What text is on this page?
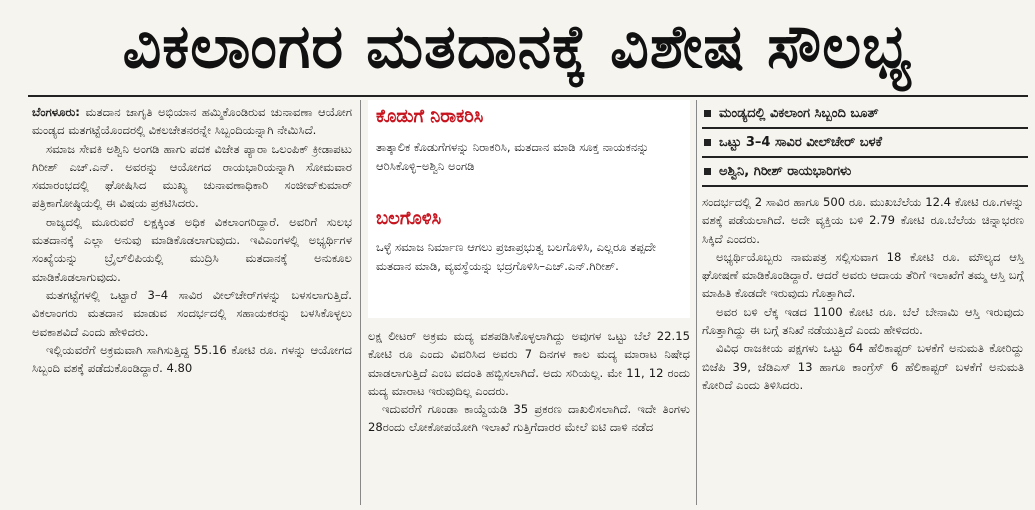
ವಿಕಲಾಂಗರ ಮತದಾನಕ್ಕೆ ವಿಶೇಷ ಸೌಲಭ್ಯ

ಬೆಂಗಳೂರು: ಮತದಾನ ಜಾಗೃತಿ ಅಭಿಯಾನ ಹಮ್ಮಿಕೊಂಡಿರುವ ಚುನಾವಣಾ ಆಯೋಗ ಮಂಡ್ಯದ ಮತಗಟ್ಟೆಯೊಂದರಲ್ಲಿ ವಿಕಲಚೇತನರನ್ನೇ ಸಿಬ್ಬಂದಿಯನ್ನಾಗಿ ನೇಮಿಸಿದೆ.

ಸಮಾಜ ಸೇವಕಿ ಅಶ್ವಿನಿ ಅಂಗಡಿ ಹಾಗು ಪದಕ ವಿಜೇತ ಪ್ಯಾರಾ ಒಲಂಪಿಕ್ ಕ್ರೀಡಾಪಟು ಗಿರೀಶ್ ಎಚ್.ಎನ್. ಅವರನ್ನು ಆಯೋಗದ ರಾಯಭಾರಿಯನ್ನಾಗಿ ಸೋಮವಾರ ಸಮಾರಂಭದಲ್ಲಿ ಘೋಷಿಸಿದ ಮುಖ್ಯ ಚುನಾವಣಾಧಿಕಾರಿ ಸಂಜೀವ್‌ಕುಮಾರ್ ಪತ್ರಿಕಾಗೋಷ್ಠಿಯಲ್ಲಿ ಈ ವಿಷಯ ಪ್ರಕಟಿಸಿದರು.

ರಾಜ್ಯದಲ್ಲಿ ಮೂರುವರೆ ಲಕ್ಷಕ್ಕಿಂತ ಅಧಿಕ ವಿಕಲಾಂಗರಿದ್ದಾರೆ. ಅವರಿಗೆ ಸುಲಭ ಮತದಾನಕ್ಕೆ ಎಲ್ಲಾ ಅನುವು ಮಾಡಿಕೊಡಲಾಗುವುದು. ಇವಿಎಂಗಳಲ್ಲಿ ಅಭ್ಯರ್ಥಿಗಳ ಸಂಖ್ಯೆಯನ್ನು ಬ್ರೈಲ್‌ಲಿಪಿಯಲ್ಲಿ ಮುದ್ರಿಸಿ ಮತದಾನಕ್ಕೆ ಅನುಕೂಲ ಮಾಡಿಕೊಡಲಾಗುವುದು.

ಮತಗಟ್ಟೆಗಳಲ್ಲಿ ಒಟ್ಟಾರೆ 3–4 ಸಾವಿರ ವೀಲ್‌ಚೇರ್‌ಗಳನ್ನು ಬಳಸಲಾಗುತ್ತಿದೆ. ವಿಕಲಾಂಗರು ಮತದಾನ ಮಾಡುವ ಸಂದರ್ಭದಲ್ಲಿ ಸಹಾಯಕರನ್ನು ಬಳಸಿಕೊಳ್ಳಲು ಅವಕಾಶವಿದೆ ಎಂದು ಹೇಳಿದರು.

ಇಲ್ಲಿಯವರೆಗೆ ಅಕ್ರಮವಾಗಿ ಸಾಗಿಸುತ್ತಿದ್ದ 55.16 ಕೋಟಿ ರೂ. ಗಳನ್ನು ಆಯೋಗದ ಸಿಬ್ಬಂದಿ ವಶಕ್ಕೆ ಪಡೆದುಕೊಂಡಿದ್ದಾರೆ. 4.80

ಕೊಡುಗೆ ನಿರಾಕರಿಸಿ
ತಾತ್ಕಾಲಿಕ ಕೊಡುಗೆಗಳನ್ನು ನಿರಾಕರಿಸಿ, ಮತದಾನ ಮಾಡಿ ಸೂಕ್ತ ನಾಯಕನನ್ನು ಆರಿಸಿಕೊಳ್ಳಿ–ಅಶ್ವಿನಿ ಅಂಗಡಿ
ಬಲಗೊಳಿಸಿ
ಒಳ್ಳೆ ಸಮಾಜ ನಿರ್ಮಾಣ ಆಗಲು ಪ್ರಜಾಪ್ರಭುತ್ವ ಬಲಗೊಳಿಸಿ, ಎಲ್ಲರೂ ತಪ್ಪದೇ ಮತದಾನ ಮಾಡಿ, ವ್ಯವಸ್ಥೆಯನ್ನು ಭದ್ರಗೊಳಿಸಿ–ಎಚ್.ಎನ್.ಗಿರೀಶ್.

ಲಕ್ಷ ಲೀಟರ್ ಅಕ್ರಮ ಮದ್ಯ ವಶಪಡಿಸಿಕೊಳ್ಳಲಾಗಿದ್ದು ಅವುಗಳ ಒಟ್ಟು ಬೆಲೆ 22.15 ಕೋಟಿ ರೂ ಎಂದು ವಿವರಿಸಿದ ಅವರು 7 ದಿನಗಳ ಕಾಲ ಮದ್ಯ ಮಾರಾಟ ನಿಷೇಧ ಮಾಡಲಾಗುತ್ತಿದೆ ಎಂಬ ವದಂತಿ ಹಬ್ಬಿಸಲಾಗಿದೆ. ಅದು ಸರಿಯಲ್ಲ. ಮೇ 11, 12 ರಂದು ಮದ್ಯ ಮಾರಾಟ ಇರುವುದಿಲ್ಲ ಎಂದರು.

ಇದುವರೆಗೆ ಗೂಂಡಾ ಕಾಯ್ದೆಯಡಿ 35 ಪ್ರಕರಣ ದಾಖಲಿಸಲಾಗಿದೆ. ಇದೇ ತಿಂಗಳು 28ರಂದು ಲೋಕೋಪಯೋಗಿ ಇಲಾಖೆ ಗುತ್ತಿಗೆದಾರರ ಮೇಲೆ ಐಟಿ ದಾಳಿ ನಡೆದ

ಮಂಡ್ಯದಲ್ಲಿ ವಿಕಲಾಂಗ ಸಿಬ್ಬಂದಿ ಬೂತ್
ಒಟ್ಟು 3–4 ಸಾವಿರ ವೀಲ್‌ಚೇರ್ ಬಳಕೆ
ಅಶ್ವಿನಿ, ಗಿರೀಶ್ ರಾಯಭಾರಿಗಳು

ಸಂದರ್ಭದಲ್ಲಿ 2 ಸಾವಿರ ಹಾಗೂ 500 ರೂ. ಮುಖಬೆಲೆಯ 12.4 ಕೋಟಿ ರೂ.ಗಳನ್ನು ವಶಕ್ಕೆ ಪಡೆಯಲಾಗಿದೆ. ಅದೇ ವ್ಯಕ್ತಿಯ ಬಳಿ 2.79 ಕೋಟಿ ರೂ.ಬೆಲೆಯ ಚಿನ್ನಾಭರಣ ಸಿಕ್ಕಿದೆ ಎಂದರು.

ಅಭ್ಯರ್ಥಿಯೊಬ್ಬರು ನಾಮಪತ್ರ ಸಲ್ಲಿಸುವಾಗ 18 ಕೋಟಿ ರೂ. ಮೌಲ್ಯದ ಆಸ್ತಿ ಘೋಷಣೆ ಮಾಡಿಕೊಂಡಿದ್ದಾರೆ. ಆದರೆ ಅವರು ಆದಾಯ ತೆರಿಗೆ ಇಲಾಖೆಗೆ ತಮ್ಮ ಆಸ್ತಿ ಬಗ್ಗೆ ಮಾಹಿತಿ ಕೊಡದೇ ಇರುವುದು ಗೊತ್ತಾಗಿದೆ.

ಅವರ ಬಳಿ ಲೆಕ್ಕ ಇಡದ 1100 ಕೋಟಿ ರೂ. ಬೆಲೆ ಬೇನಾಮಿ ಆಸ್ತಿ ಇರುವುದು ಗೊತ್ತಾಗಿದ್ದು ಈ ಬಗ್ಗೆ ತನಿಖೆ ನಡೆಯುತ್ತಿದೆ ಎಂದು ಹೇಳಿದರು.

ವಿವಿಧ ರಾಜಕೀಯ ಪಕ್ಷಗಳು ಒಟ್ಟು 64 ಹೆಲಿಕಾಪ್ಟರ್ ಬಳಕೆಗೆ ಅನುಮತಿ ಕೋರಿದ್ದು ಬಿಜೆಪಿ 39, ಜೆಡಿಎಸ್ 13 ಹಾಗೂ ಕಾಂಗ್ರೆಸ್ 6 ಹೆಲಿಕಾಪ್ಟರ್ ಬಳಕೆಗೆ ಅನುಮತಿ ಕೋರಿದೆ ಎಂದು ತಿಳಿಸಿದರು.
